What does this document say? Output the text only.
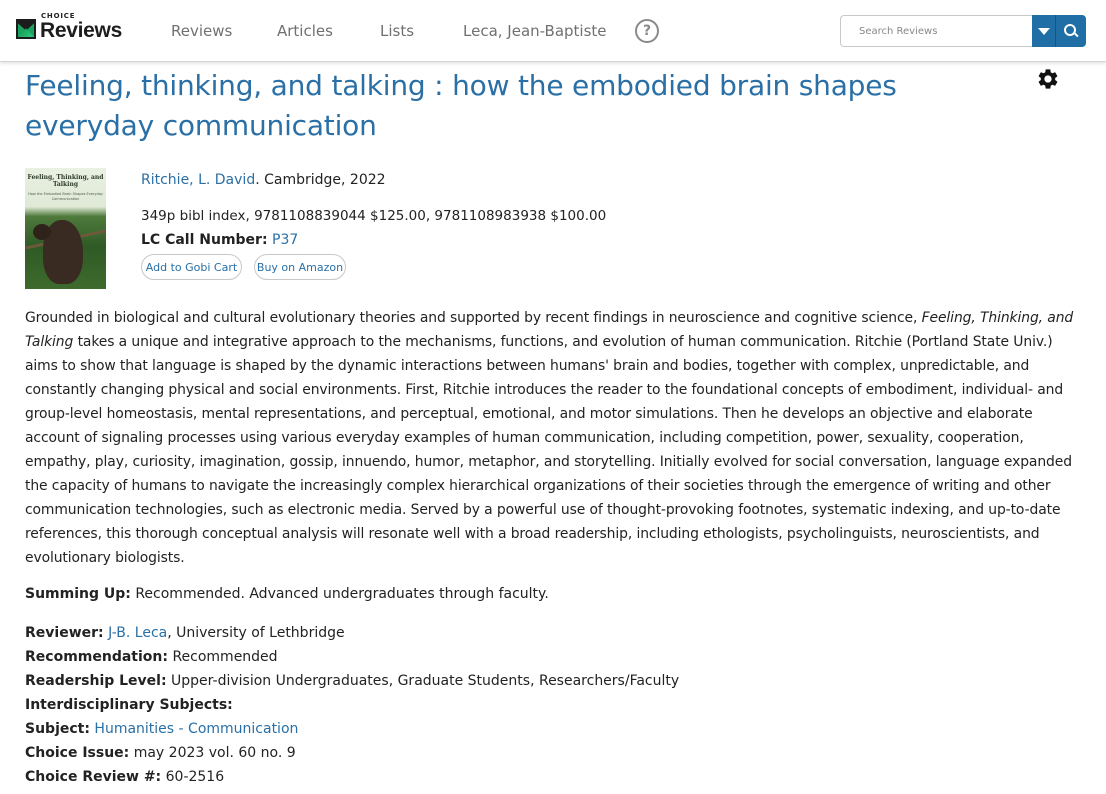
CHOICE
Reviews	Reviews	Articles	Lists	Leca, Jean-Baptiste	?
Search Reviews
Feeling, thinking, and talking : how the embodied brain shapes everyday communication
Feeling, Thinking, and Talking
How the Embodied Brain Shapes Everyday Communication
Ritchie, L. David. Cambridge, 2022
349p bibl index, 9781108839044 $125.00, 9781108983938 $100.00
LC Call Number: P37
Add to Gobi Cart	Buy on Amazon

Grounded in biological and cultural evolutionary theories and supported by recent findings in neuroscience and cognitive science, Feeling, Thinking, and Talking takes a unique and integrative approach to the mechanisms, functions, and evolution of human communication. Ritchie (Portland State Univ.) aims to show that language is shaped by the dynamic interactions between humans' brain and bodies, together with complex, unpredictable, and constantly changing physical and social environments. First, Ritchie introduces the reader to the foundational concepts of embodiment, individual- and group-level homeostasis, mental representations, and perceptual, emotional, and motor simulations. Then he develops an objective and elaborate account of signaling processes using various everyday examples of human communication, including competition, power, sexuality, cooperation, empathy, play, curiosity, imagination, gossip, innuendo, humor, metaphor, and storytelling. Initially evolved for social conversation, language expanded the capacity of humans to navigate the increasingly complex hierarchical organizations of their societies through the emergence of writing and other communication technologies, such as electronic media. Served by a powerful use of thought-provoking footnotes, systematic indexing, and up-to-date references, this thorough conceptual analysis will resonate well with a broad readership, including ethologists, psycholinguists, neuroscientists, and evolutionary biologists.

Summing Up: Recommended. Advanced undergraduates through faculty.
Reviewer: J-B. Leca, University of Lethbridge
Recommendation: Recommended
Readership Level: Upper-division Undergraduates, Graduate Students, Researchers/Faculty
Interdisciplinary Subjects:
Subject: Humanities - Communication
Choice Issue: may 2023 vol. 60 no. 9
Choice Review #: 60-2516
